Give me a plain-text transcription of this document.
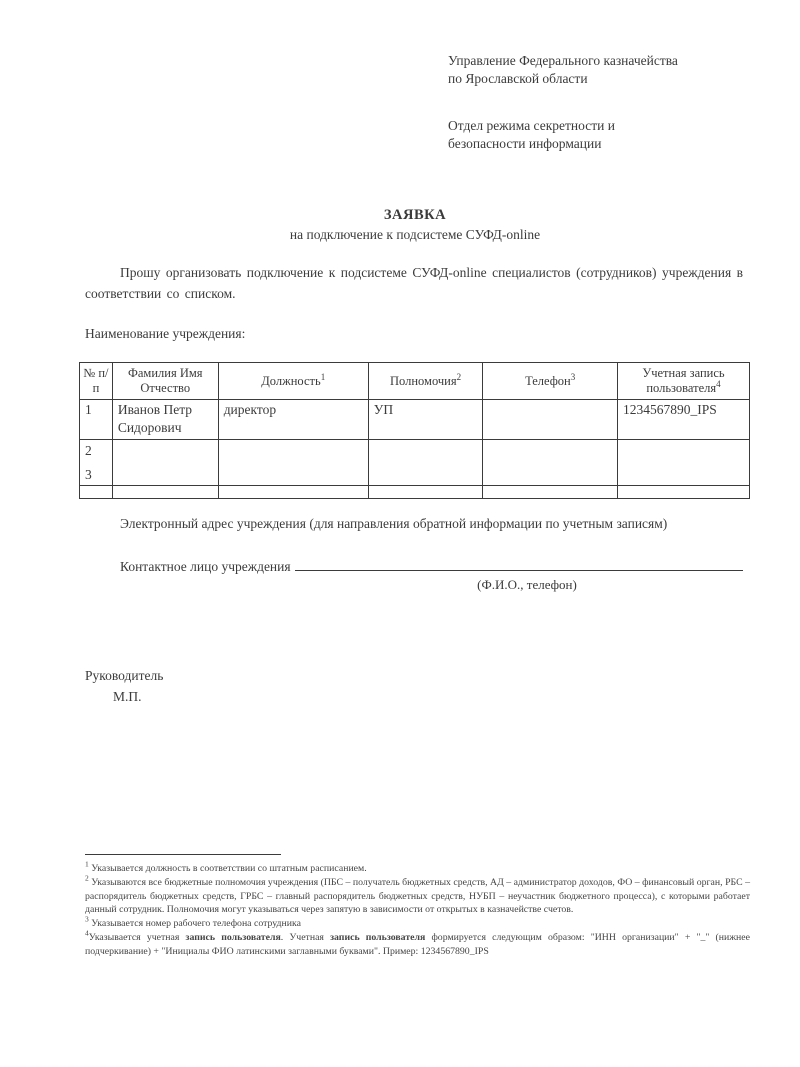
Управление Федерального казначейства
по Ярославской области

Отдел режима секретности и
безопасности информации

ЗАЯВКА
на подключение к подсистеме СУФД-online

Прошу организовать подключение к подсистеме СУФД-online специалистов (сотрудников) учреждения в соответствии со списком.

Наименование учреждения:
№ п/п	Фамилия Имя Отчество	Должность$^1$	Полномочия$^2$	Телефон$^3$	Учетная запись пользователя$^4$
1	Иванов Петр Сидорович	директор	УП		1234567890_IPS

2
3					

Электронный адрес учреждения (для направления обратной информации по учетным записям)

Контактное лицо учреждения
(Ф.И.О., телефон)
Руководитель
М.П.

$^1$ Указывается должность в соответствии со штатным расписанием.

$^2$ Указываются все бюджетные полномочия учреждения (ПБС – получатель бюджетных средств, АД – администратор доходов, ФО – финансовый орган, РБС – распорядитель бюджетных средств, ГРБС – главный распорядитель бюджетных средств, НУБП – неучастник бюджетного процесса), с которыми работает данный сотрудник. Полномочия могут указываться через запятую в зависимости от открытых в казначействе счетов.

$^3$ Указывается номер рабочего телефона сотрудника

$^4$Указывается учетная запись пользователя. Учетная запись пользователя формируется следующим образом: "ИНН организации" + "_" (нижнее подчеркивание) + "Инициалы ФИО латинскими заглавными буквами". Пример: 1234567890_IPS
